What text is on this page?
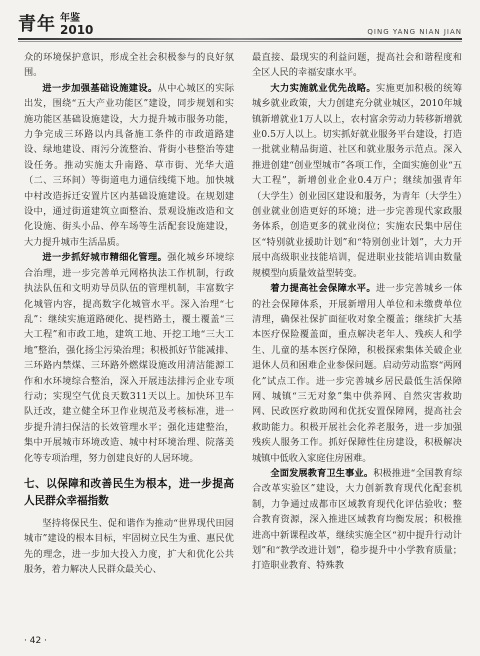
青年 年鉴
2010	QING YANG NIAN JIAN

众的环境保护意识，形成全社会积极参与的良好氛围。

进一步加强基础设施建设。从中心城区的实际出发，围绕“五大产业功能区”建设，同步规划和实施功能区基础设施建设，大力提升城市服务功能，力争完成三环路以内具备施工条件的市政道路建设、绿地建设、雨污分流整治、背街小巷整治等建设任务。推动实施太升南路、草市街、光华大道（二、三环间）等街道电力通信线缆下地。加快城中村改造拆迁安置片区内基础设施建设。在规划建设中，通过街道建筑立面整治、景观设施改造和文化设施、街头小品、停车场等生活配套设施建设，大力提升城市生活品质。

进一步抓好城市精细化管理。强化城乡环境综合治理，进一步完善单元网格执法工作机制，行政执法队伍和文明劝导员队伍的管理机制，丰富数字化城管内容，提高数字化城管水平。深入治理“七乱”：继续实施道路硬化、提档路土，覆土覆盖“三大工程”和市政工地，建筑工地、开挖工地“三大工地”整治，强化扬尘污染治理；积极抓好节能减排、三环路内禁煤、三环路外燃煤设施改用清洁能源工作和水环境综合整治，深入开展违法排污企业专项行动；实现空气优良天数311天以上。加快环卫车队迁改，建立健全环卫作业规范及考核标准，进一步提升清扫保洁的长效管理水平；强化违建整治，集中开展城市环境改造、城中村环境治理、院落美化等专项治理，努力创建良好的人居环境。

七、以保障和改善民生为根本，进一步提高人民群众幸福指数

坚持将保民生、促和谐作为推动“世界现代田园城市”建设的根本目标，牢固树立民生为重、惠民优先的理念，进一步加大投入力度，扩大和优化公共服务，着力解决人民群众最关心、

最直接、最现实的利益问题，提高社会和谐程度和全区人民的幸福安康水平。

大力实施就业优先战略。实施更加积极的统筹城乡就业政策，大力创建充分就业城区，2010年城镇新增就业1万人以上，农村富余劳动力转移新增就业0.5万人以上。切实抓好就业服务平台建设，打造一批就业精品街道、社区和就业服务示范点。深入推进创建“创业型城市”各项工作，全面实施创业“五大工程”，新增创业企业0.4万户；继续加强青年（大学生）创业园区建设和服务，为青年（大学生）创业就业创造更好的环境；进一步完善现代家政服务体系，创造更多的就业岗位；实施农民集中居住区“特别就业援助计划”和“特别创业计划”，大力开展中高级职业技能培训，促进职业技能培训由数量规模型向质量效益型转变。

着力提高社会保障水平。进一步完善城乡一体的社会保障体系，开展新增用人单位和未缴费单位清理，确保社保扩面征收对象全覆盖；继续扩大基本医疗保险覆盖面，重点解决老年人、残疾人和学生、儿童的基本医疗保障，积极探索集体关破企业退休人员和困难企业参保问题。启动劳动监察“两网化”试点工作。进一步完善城乡居民最低生活保障网、城镇“三无对象”集中供养网、自然灾害救助网、民政医疗救助网和优抚安置保障网，提高社会救助能力。积极开展社会化养老服务，进一步加强残疾人服务工作。抓好保障性住房建设，积极解决城镇中低收入家庭住房困难。

全面发展教育卫生事业。积极推进“全国教育综合改革实验区”建设，大力创新教育现代化配套机制，力争通过成都市区域教育现代化评估验收；整合教育资源，深入推进区域教育均衡发展；积极推进高中新课程改革，继续实施全区“初中提升行动计划”和“教学改进计划”，稳步提升中小学教育质量；打造职业教育、特殊教

· 42 ·
